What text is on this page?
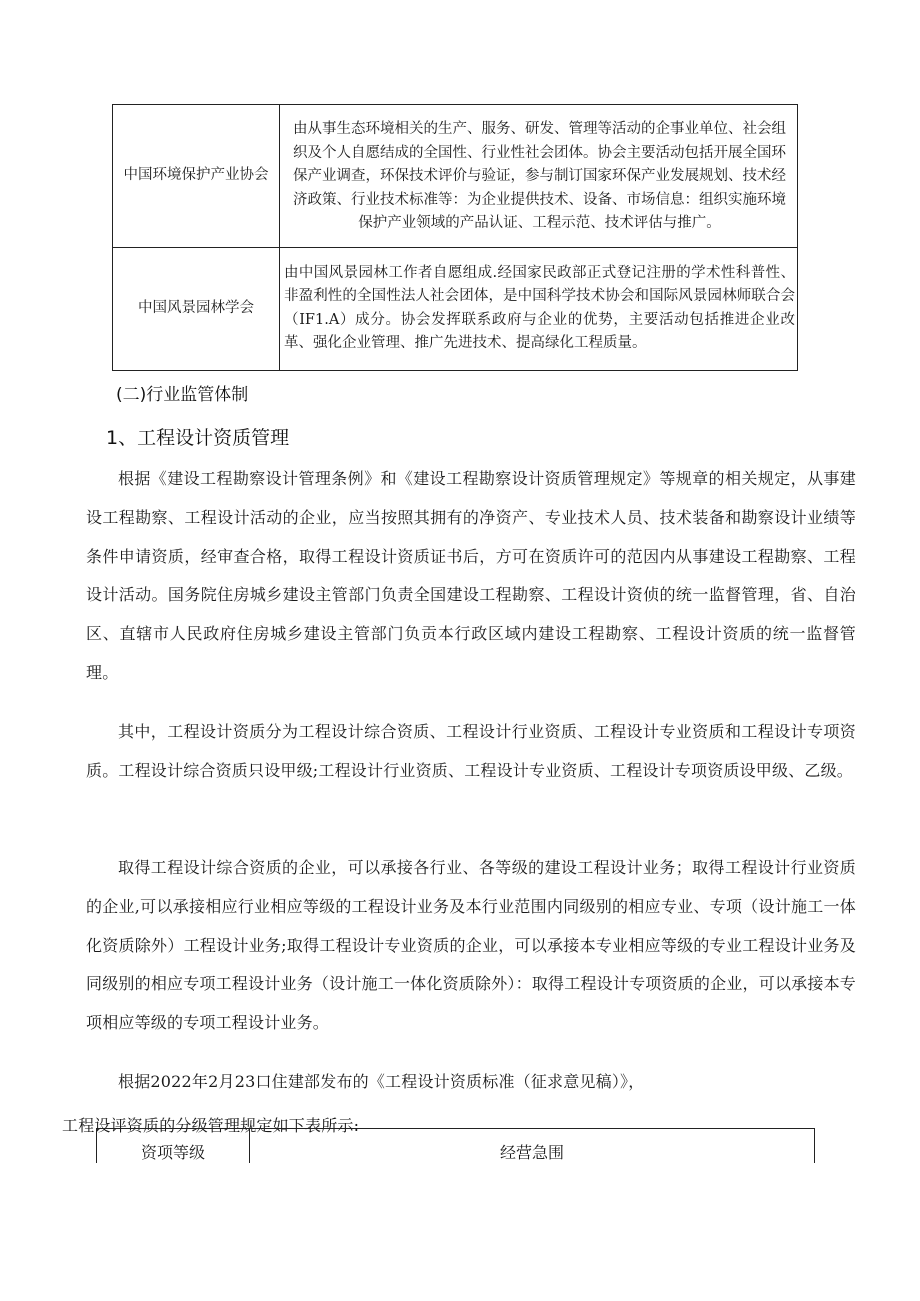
中国环境保护产业协会	由从事生态环境相关的生产、服务、研发、管理等活动的企事业单位、社会组织及个人自愿结成的全国性、行业性社会团体。协会主要活动包括开展全国环保产业调查，环保技术评价与验证，参与制订国家环保产业发展规划、技术经济政策、行业技术标准等：为企业提供技术、设备、市场信息：组织实施环境保护产业领域的产品认证、工程示范、技术评估与推广。
中国风景园林学会	由中国风景园林工作者自愿组成.经国家民政部正式登记注册的学术性科普性、非盈利性的全国性法人社会团体，是中国科学技术协会和国际风景园林师联合会（IF1.A）成分。协会发挥联系政府与企业的优势，主要活动包括推进企业改革、强化企业管理、推广先进技术、提高绿化工程质量。
(二)行业监管体制
1、工程设计资质管理

根据《建设工程勘察设计管理条例》和《建设工程勘察设计资质管理规定》等规章的相关规定，从事建设工程勘察、工程设计活动的企业，应当按照其拥有的净资产、专业技术人员、技术装备和勘察设计业绩等条件申请资质，经审查合格，取得工程设计资质证书后，方可在资质许可的范因内从事建设工程勘察、工程设计活动。国务院住房城乡建设主管部门负责全国建设工程勘察、工程设计资侦的统一监督管理，省、自治区、直辖市人民政府住房城乡建设主管部门负贡本行政区域内建设工程勘察、工程设计资质的统一监督管理。

其中，工程设计资质分为工程设计综合资质、工程设计行业资质、工程设计专业资质和工程设计专项资质。工程设计综合资质只设甲级;工程设计行业资质、工程设计专业资质、工程设计专项资质设甲级、乙级。

取得工程设计综合资质的企业，可以承接各行业、各等级的建设工程设计业务；取得工程设计行业资质的企业,可以承接相应行业相应等级的工程设计业务及本行业范围内同级别的相应专业、专项（设计施工一体化资质除外）工程设计业务;取得工程设计专业资质的企业，可以承接本专业相应等级的专业工程设计业务及同级别的相应专项工程设计业务（设计施工一体化资质除外）：取得工程设计专项资质的企业，可以承接本专项相应等级的专项工程设计业务。

根据2022年2月23口住建部发布的《工程设计资质标准（征求意见稿）》，

工程设评资质的分级管理规定如下表所示:
资项等级	经营急围
